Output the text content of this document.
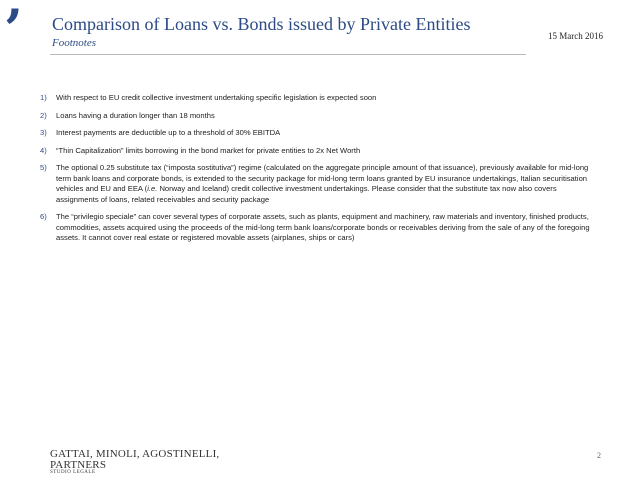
’ Comparison of Loans vs. Bonds issued by Private Entities
Footnotes
15 March 2016
1)	With respect to EU credit collective investment undertaking specific legislation is expected soon
2)	Loans having a duration longer than 18 months
3)	Interest payments are deductible up to a threshold of 30% EBITDA
4)	“Thin Capitalization” limits borrowing in the bond market for private entities to 2x Net Worth
5)	The optional 0.25 substitute tax (“imposta sostitutiva”) regime (calculated on the aggregate principle amount of that issuance), previously available for mid-long term bank loans and corporate bonds, is extended to the security package for mid-long term loans granted by EU insurance undertakings, Italian securitisation vehicles and EU and EEA (i.e. Norway and Iceland) credit collective investment undertakings. Please consider that the substitute tax now also covers assignments of loans, related receivables and security package
6)	The “privilegio speciale” can cover several types of corporate assets, such as plants, equipment and machinery, raw materials and inventory, finished products, commodities, assets acquired using the proceeds of the mid-long term bank loans/corporate bonds or receivables deriving from the sale of any of the foregoing assets. It cannot cover real estate or registered movable assets (airplanes, ships or cars)
GATTAI, MINOLI, AGOSTINELLI,
PARTNERS
STUDIO LEGALE
2
